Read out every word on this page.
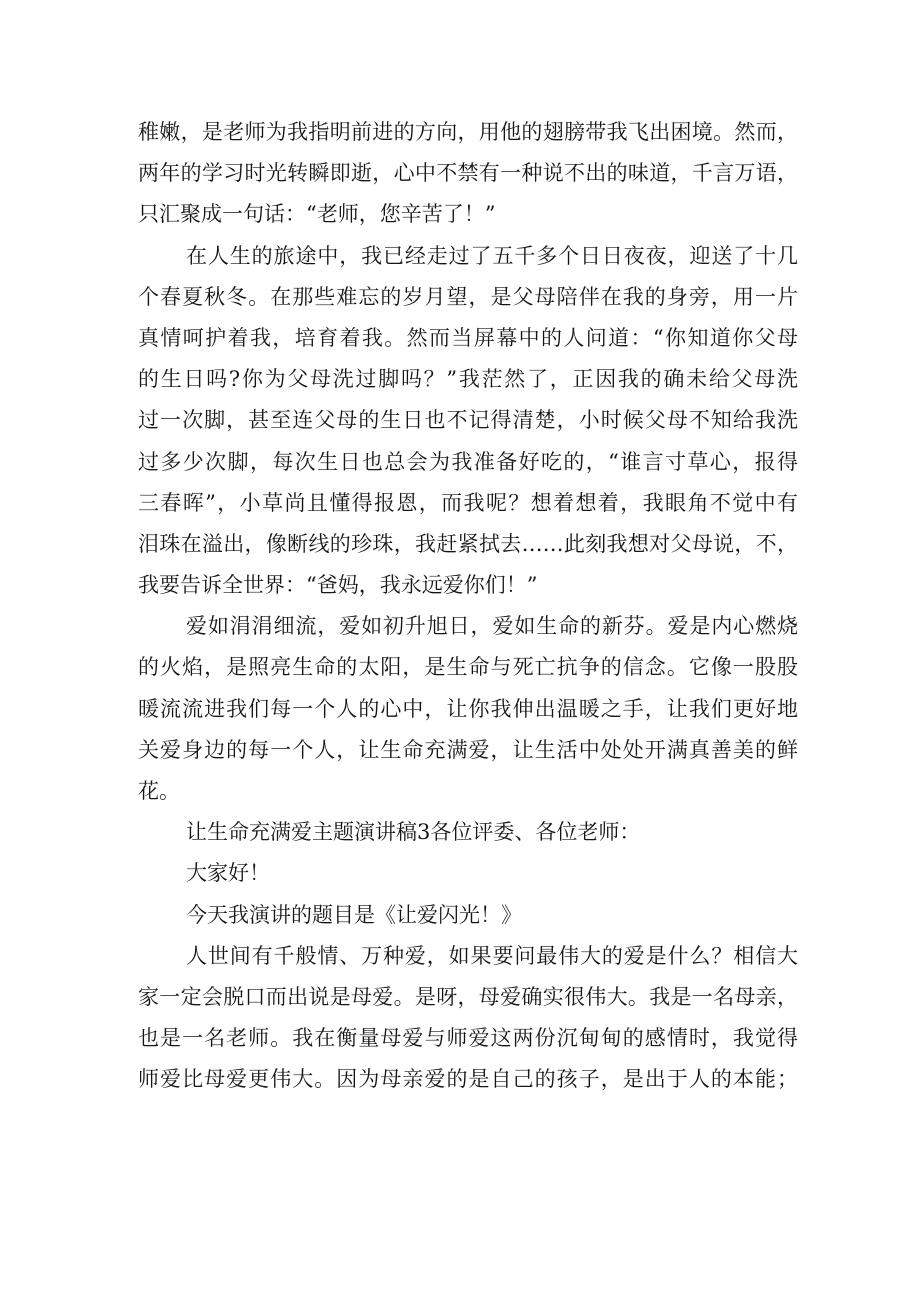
稚嫩，是老师为我指明前进的方向，用他的翅膀带我飞出困境。然而，
两年的学习时光转瞬即逝，心中不禁有一种说不出的味道，千言万语，
只汇聚成一句话：“老师，您辛苦了！”
在人生的旅途中，我已经走过了五千多个日日夜夜，迎送了十几
个春夏秋冬。在那些难忘的岁月望，是父母陪伴在我的身旁，用一片
真情呵护着我，培育着我。然而当屏幕中的人问道：“你知道你父母
的生日吗?你为父母洗过脚吗？”我茫然了，正因我的确未给父母洗
过一次脚，甚至连父母的生日也不记得清楚，小时候父母不知给我洗
过多少次脚，每次生日也总会为我准备好吃的，“谁言寸草心，报得
三春晖”，小草尚且懂得报恩，而我呢？想着想着，我眼角不觉中有
泪珠在溢出，像断线的珍珠，我赶紧拭去……此刻我想对父母说，不，
我要告诉全世界：“爸妈，我永远爱你们！”
爱如涓涓细流，爱如初升旭日，爱如生命的新芬。爱是内心燃烧
的火焰，是照亮生命的太阳，是生命与死亡抗争的信念。它像一股股
暖流流进我们每一个人的心中，让你我伸出温暖之手，让我们更好地
关爱身边的每一个人，让生命充满爱，让生活中处处开满真善美的鲜
花。
让生命充满爱主题演讲稿3各位评委、各位老师：
大家好！
今天我演讲的题目是《让爱闪光！》
人世间有千般情、万种爱，如果要问最伟大的爱是什么？相信大
家一定会脱口而出说是母爱。是呀，母爱确实很伟大。我是一名母亲，
也是一名老师。我在衡量母爱与师爱这两份沉甸甸的感情时，我觉得
师爱比母爱更伟大。因为母亲爱的是自己的孩子，是出于人的本能；
